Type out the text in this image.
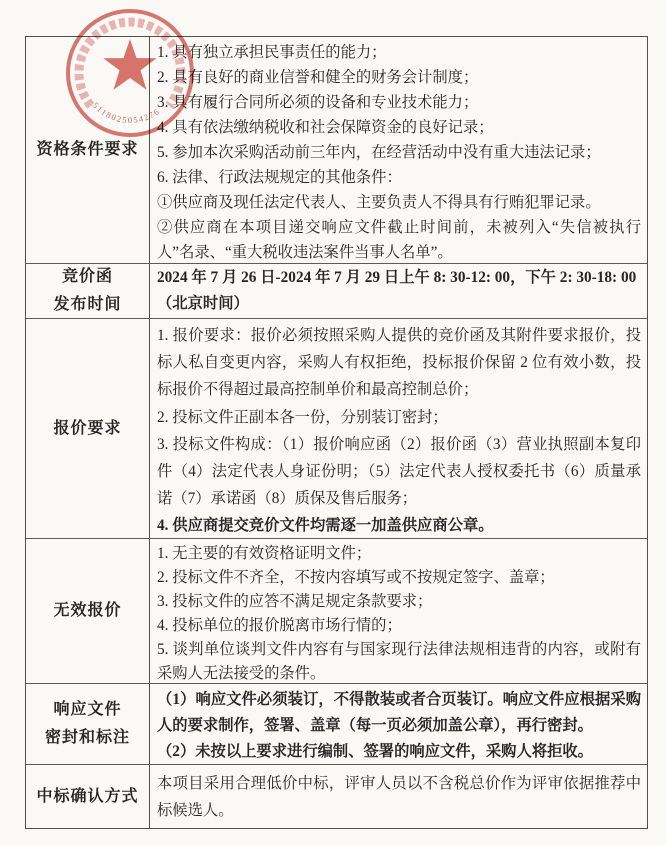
资格条件要求
1. 具有独立承担民事责任的能力；
2. 具有良好的商业信誉和健全的财务会计制度；
3. 具有履行合同所必须的设备和专业技术能力；
4. 具有依法缴纳税收和社会保障资金的良好记录；
5. 参加本次采购活动前三年内，在经营活动中没有重大违法记录；
6. 法律、行政法规规定的其他条件：
①供应商及现任法定代表人、主要负责人不得具有行贿犯罪记录。
②供应商在本项目递交响应文件截止时间前，未被列入“失信被执行人”名录、“重大税收违法案件当事人名单”。
竞价函
发布时间
2024 年 7 月 26 日-2024 年 7 月 29 日上午 8: 30-12: 00，下午 2: 30-18: 00
（北京时间）
报价要求
1. 报价要求：报价必须按照采购人提供的竞价函及其附件要求报价，投标人私自变更内容，采购人有权拒绝，投标报价保留 2 位有效小数，投标报价不得超过最高控制单价和最高控制总价；
2. 投标文件正副本各一份，分别装订密封；
3. 投标文件构成：（1）报价响应函（2）报价函（3）营业执照副本复印件（4）法定代表人身证份明；（5）法定代表人授权委托书（6）质量承诺（7）承诺函（8）质保及售后服务；
4. 供应商提交竞价文件均需逐一加盖供应商公章。
无效报价
1. 无主要的有效资格证明文件；
2. 投标文件不齐全，不按内容填写或不按规定签字、盖章；
3. 投标文件的应答不满足规定条款要求；
4. 投标单位的报价脱离市场行情的；
5. 谈判单位谈判文件内容有与国家现行法律法规相违背的内容，或附有采购人无法接受的条件。
响应文件
密封和标注
（1）响应文件必须装订，不得散装或者合页装订。响应文件应根据采购人的要求制作，签署、盖章（每一页必须加盖公章），再行密封。
（2）未按以上要求进行编制、签署的响应文件，采购人将拒收。
中标确认方式
本项目采用合理低价中标，评审人员以不含税总价作为评审依据推荐中标候选人。
5118025054276
